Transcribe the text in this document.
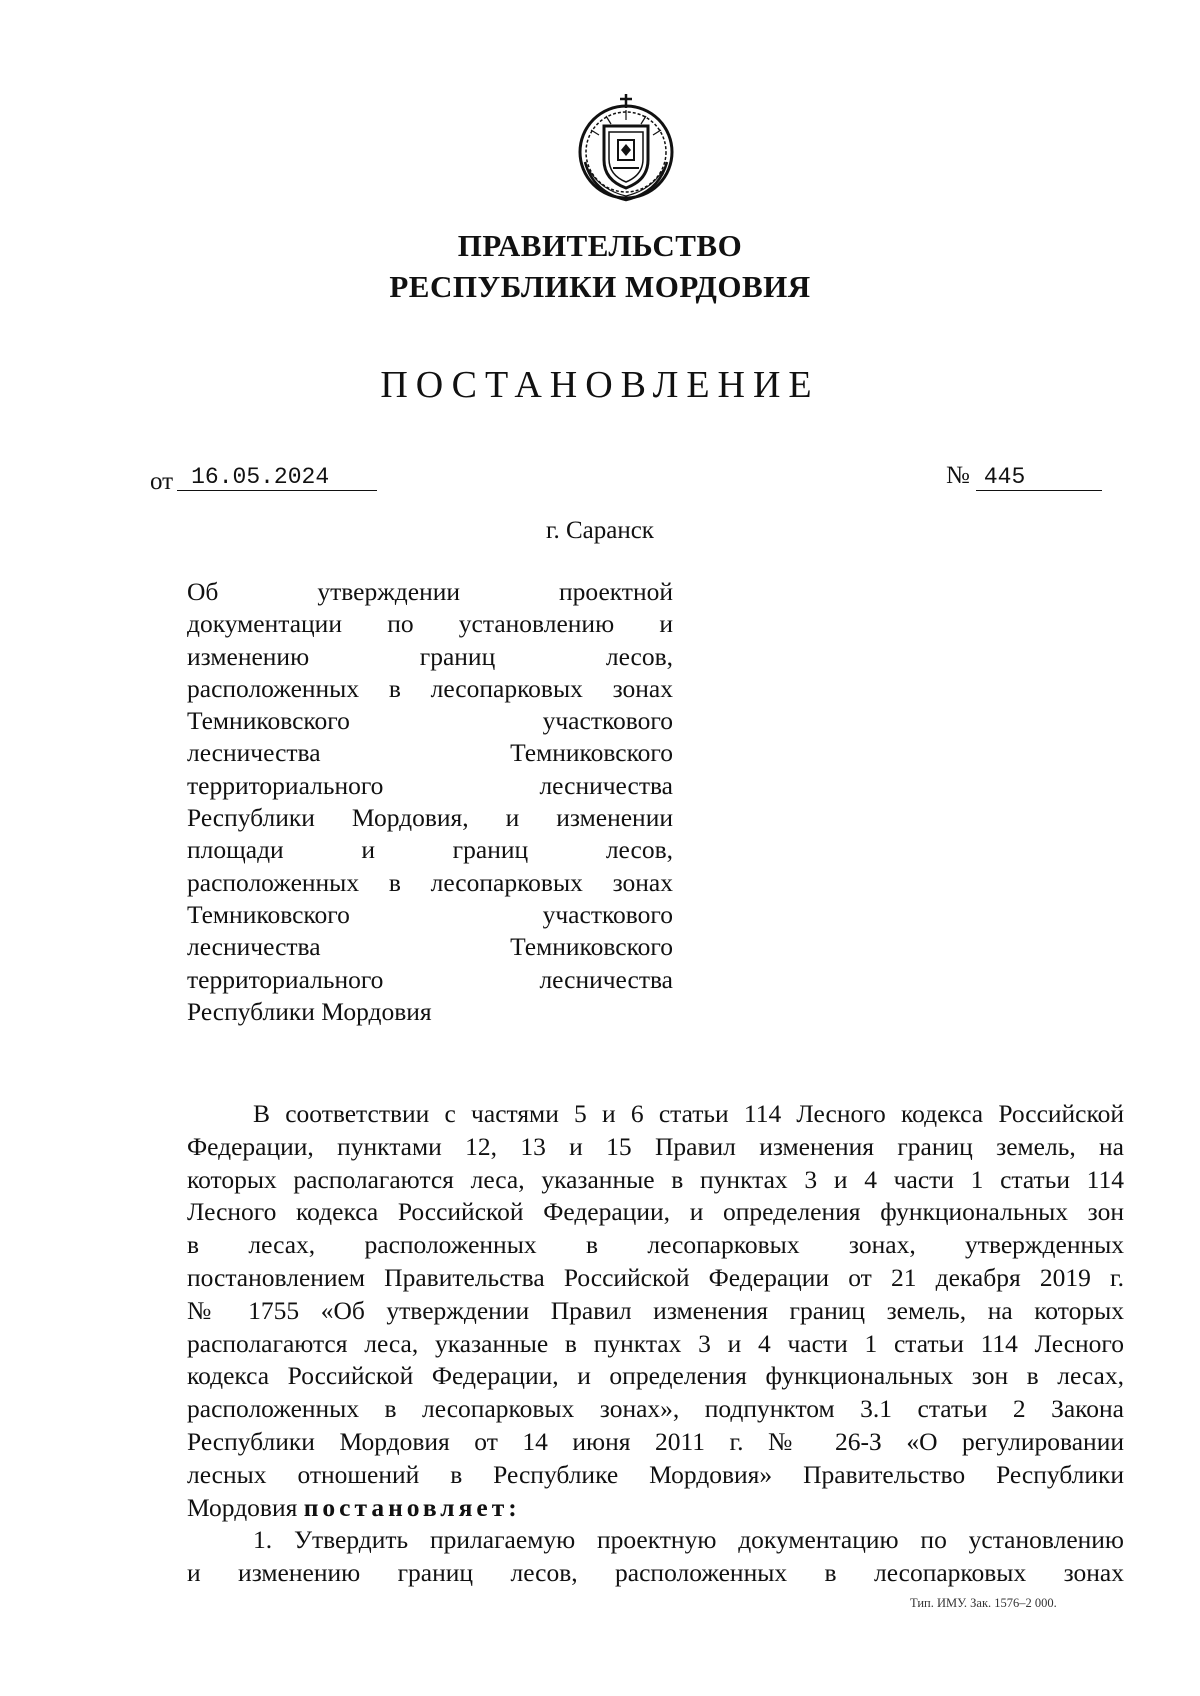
ПРАВИТЕЛЬСТВО
РЕСПУБЛИКИ МОРДОВИЯ
ПОСТАНОВЛЕНИЕ
от 16.05.2024	№ 445
г. Саранск
Об утверждении проектной
документации по установлению и
изменению границ лесов,
расположенных в лесопарковых зонах
Темниковского участкового
лесничества Темниковского
территориального лесничества
Республики Мордовия, и изменении
площади и границ лесов,
расположенных в лесопарковых зонах
Темниковского участкового
лесничества Темниковского
территориального лесничества
Республики Мордовия
В соответствии с частями 5 и 6 статьи 114 Лесного кодекса Российской
Федерации, пунктами 12, 13 и 15 Правил изменения границ земель, на
которых располагаются леса, указанные в пунктах 3 и 4 части 1 статьи 114
Лесного кодекса Российской Федерации, и определения функциональных зон
в лесах, расположенных в лесопарковых зонах, утвержденных
постановлением Правительства Российской Федерации от 21 декабря 2019 г.
№ 1755 «Об утверждении Правил изменения границ земель, на которых
располагаются леса, указанные в пунктах 3 и 4 части 1 статьи 114 Лесного
кодекса Российской Федерации, и определения функциональных зон в лесах,
расположенных в лесопарковых зонах», подпунктом 3.1 статьи 2 Закона
Республики Мордовия от 14 июня 2011 г. № 26-З «О регулировании
лесных отношений в Республике Мордовия» Правительство Республики
Мордовия постановляет:
1. Утвердить прилагаемую проектную документацию по установлению
и изменению границ лесов, расположенных в лесопарковых зонах
Тип. ИМУ. Зак. 1576–2 000.
